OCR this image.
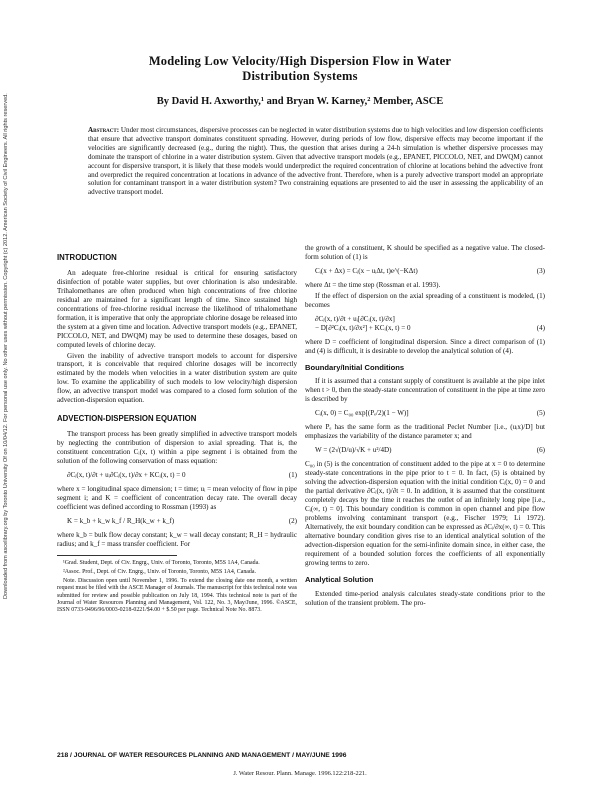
Downloaded from ascelibrary.org by Toronto University Of on 10/04/12. For personal use only. No other uses without permission. Copyright (c) 2012. American Society of Civil Engineers. All rights reserved.
Modeling Low Velocity/High Dispersion Flow in Water
Distribution Systems
By David H. Axworthy,¹ and Bryan W. Karney,² Member, ASCE
Abstract: Under most circumstances, dispersive processes can be neglected in water distribution systems due to high velocities and low dispersion coefficients that ensure that advective transport dominates constituent spreading. However, during periods of low flow, dispersive effects may become important if the velocities are significantly decreased (e.g., during the night). Thus, the question that arises during a 24-h simulation is whether dispersive processes may dominate the transport of chlorine in a water distribution system. Given that advective transport models (e.g., EPANET, PICCOLO, NET, and DWQM) cannot account for dispersive transport, it is likely that these models would underpredict the required concentration of chlorine at locations behind the advective front and overpredict the required concentration at locations in advance of the advective front. Therefore, when is a purely advective transport model an appropriate solution for contaminant transport in a water distribution system? Two constraining equations are presented to aid the user in assessing the applicability of an advective transport model.
INTRODUCTION

An adequate free-chlorine residual is critical for ensuring satisfactory disinfection of potable water supplies, but over chlorination is also undesirable. Trihalomethanes are often produced when high concentrations of free chlorine residual are maintained for a significant length of time. Since sustained high concentrations of free-chlorine residual increase the likelihood of trihalomethane formation, it is imperative that only the appropriate chlorine dosage be released into the system at a given time and location. Advective transport models (e.g., EPANET, PICCOLO, NET, and DWQM) may be used to determine these dosages, based on computed levels of chlorine decay.

Given the inability of advective transport models to account for dispersive transport, it is conceivable that required chlorine dosages will be incorrectly estimated by the models when velocities in a water distribution system are quite low. To examine the applicability of such models to low velocity/high dispersion flow, an advective transport model was compared to a closed form solution of the advection-dispersion equation.

ADVECTION-DISPERSION EQUATION

The transport process has been greatly simplified in advective transport models by neglecting the contribution of dispersion to axial spreading. That is, the constituent concentration Cᵢ(x, t) within a pipe segment i is obtained from the solution of the following conservation of mass equation:

∂Cᵢ(x, t)/∂t + uᵢ∂Cᵢ(x, t)/∂x + KCᵢ(x, t) = 0	(1)

where x = longitudinal space dimension; t = time; uᵢ = mean velocity of flow in pipe segment i; and K = coefficient of concentration decay rate. The overall decay coefficient was defined according to Rossman (1993) as

K = k_b + k_w k_f / R_H(k_w + k_f)	(2)

where k_b = bulk flow decay constant; k_w = wall decay constant; R_H = hydraulic radius; and k_f = mass transfer coefficient. For

¹Grad. Student, Dept. of Civ. Engrg., Univ. of Toronto, Toronto, M5S 1A4, Canada.
²Assoc. Prof., Dept. of Civ. Engrg., Univ. of Toronto, Toronto, M5S 1A4, Canada.
Note. Discussion open until November 1, 1996. To extend the closing date one month, a written request must be filed with the ASCE Manager of Journals. The manuscript for this technical note was submitted for review and possible publication on July 18, 1994. This technical note is part of the Journal of Water Resources Planning and Management, Vol. 122, No. 3, May/June, 1996. ©ASCE, ISSN 0733-9496/96/0003-0218-0221/$4.00 + $.50 per page. Technical Note No. 8873.

the growth of a constituent, K should be specified as a negative value. The closed-form solution of (1) is

Cᵢ(x + Δx) = Cᵢ(x − uᵢΔt, t)e^(−KΔt)	(3)

where Δt = the time step (Rossman et al. 1993).

If the effect of dispersion on the axial spreading of a constituent is modeled, (1) becomes

∂Cᵢ(x, t)/∂t + uᵢ[∂Cᵢ(x, t)/∂x]
− D[∂²Cᵢ(x, t)/∂x²] + KCᵢ(x, t) = 0	(4)

where D = coefficient of longitudinal dispersion. Since a direct comparison of (1) and (4) is difficult, it is desirable to develop the analytical solution of (4).

Boundary/Initial Conditions

If it is assumed that a constant supply of constituent is available at the pipe inlet when t > 0, then the steady-state concentration of constituent in the pipe at time zero is described by

Cᵢ(x, 0) = C₀₀ exp[(Pₑ/2)(1 − W)]	(5)

where Pₑ has the same form as the traditional Peclet Number [i.e., (uᵢx)/D] but emphasizes the variability of the distance parameter x; and

W = (2√(D/u)/√K + u²/4D)	(6)

C₀₀ in (5) is the concentration of constituent added to the pipe at x = 0 to determine steady-state concentrations in the pipe prior to t = 0. In fact, (5) is obtained by solving the advection-dispersion equation with the initial condition Cᵢ(x, 0) = 0 and the partial derivative ∂Cᵢ(x, t)/∂t = 0. In addition, it is assumed that the constituent completely decays by the time it reaches the outlet of an infinitely long pipe [i.e., Cᵢ(∞, t) = 0]. This boundary condition is common in open channel and pipe flow problems involving contaminant transport (e.g., Fischer 1979; Li 1972). Alternatively, the exit boundary condition can be expressed as ∂Cᵢ/∂x(∞, t) = 0. This alternative boundary condition gives rise to an identical analytical solution of the advection-dispersion equation for the semi-infinite domain since, in either case, the requirement of a bounded solution forces the coefficients of all exponentially growing terms to zero.

Analytical Solution

Extended time-period analysis calculates steady-state conditions prior to the solution of the transient problem. The pro-

218 / JOURNAL OF WATER RESOURCES PLANNING AND MANAGEMENT / MAY/JUNE 1996
J. Water Resour. Plann. Manage. 1996.122:218-221.
